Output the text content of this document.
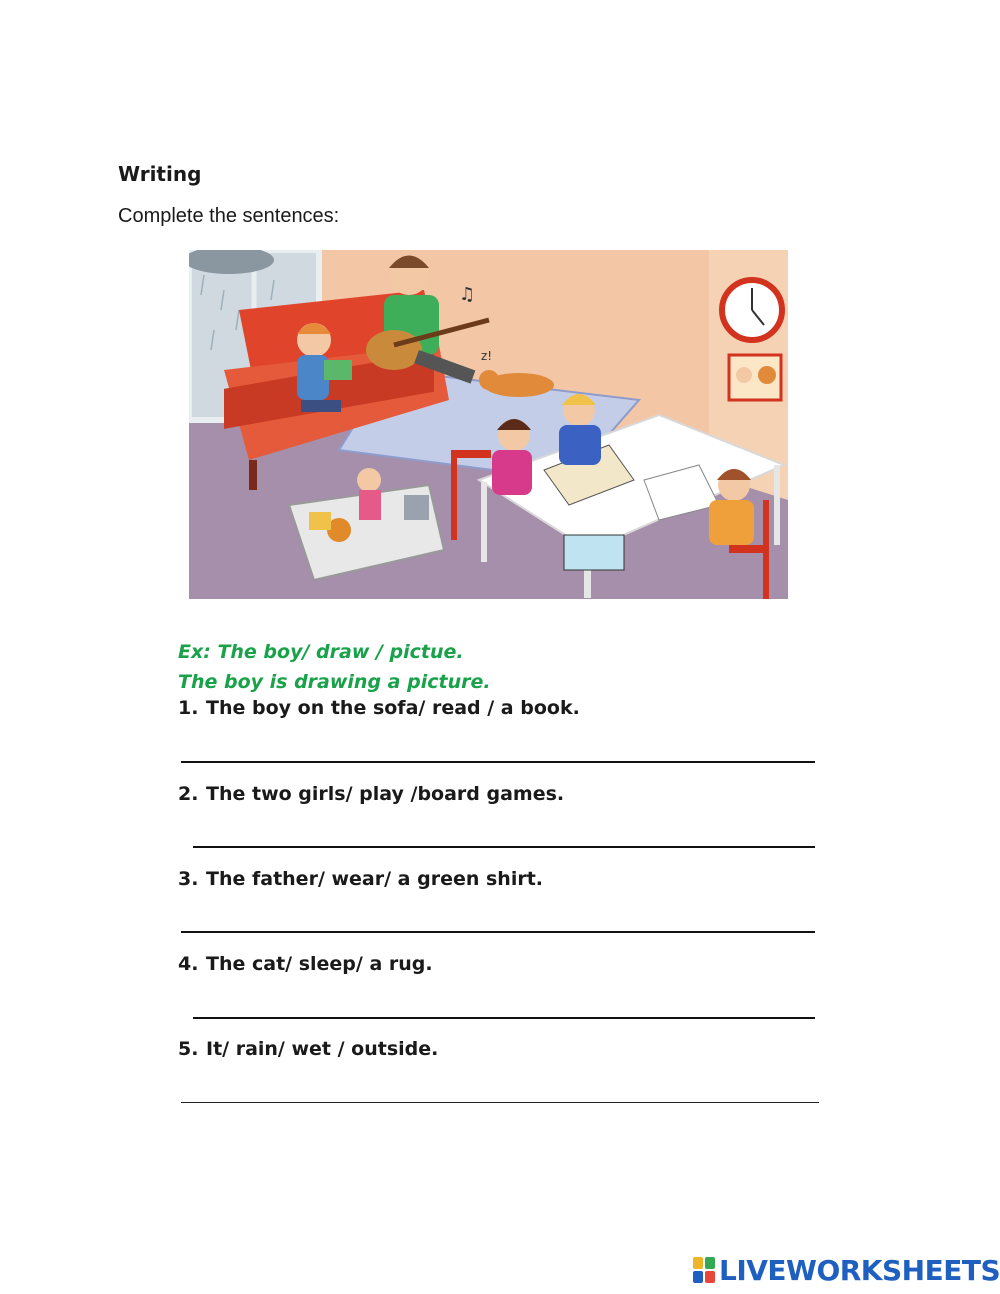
Writing

Complete the sentences:

♫
z!
Ex: The boy/ draw / pictue.
The boy is drawing a picture.
1. The boy on the sofa/ read / a book.
2. The two girls/ play /board games.
3. The father/ wear/ a green shirt.
4. The cat/ sleep/ a rug.
5. It/ rain/ wet / outside.
LIVEWORKSHEETS
